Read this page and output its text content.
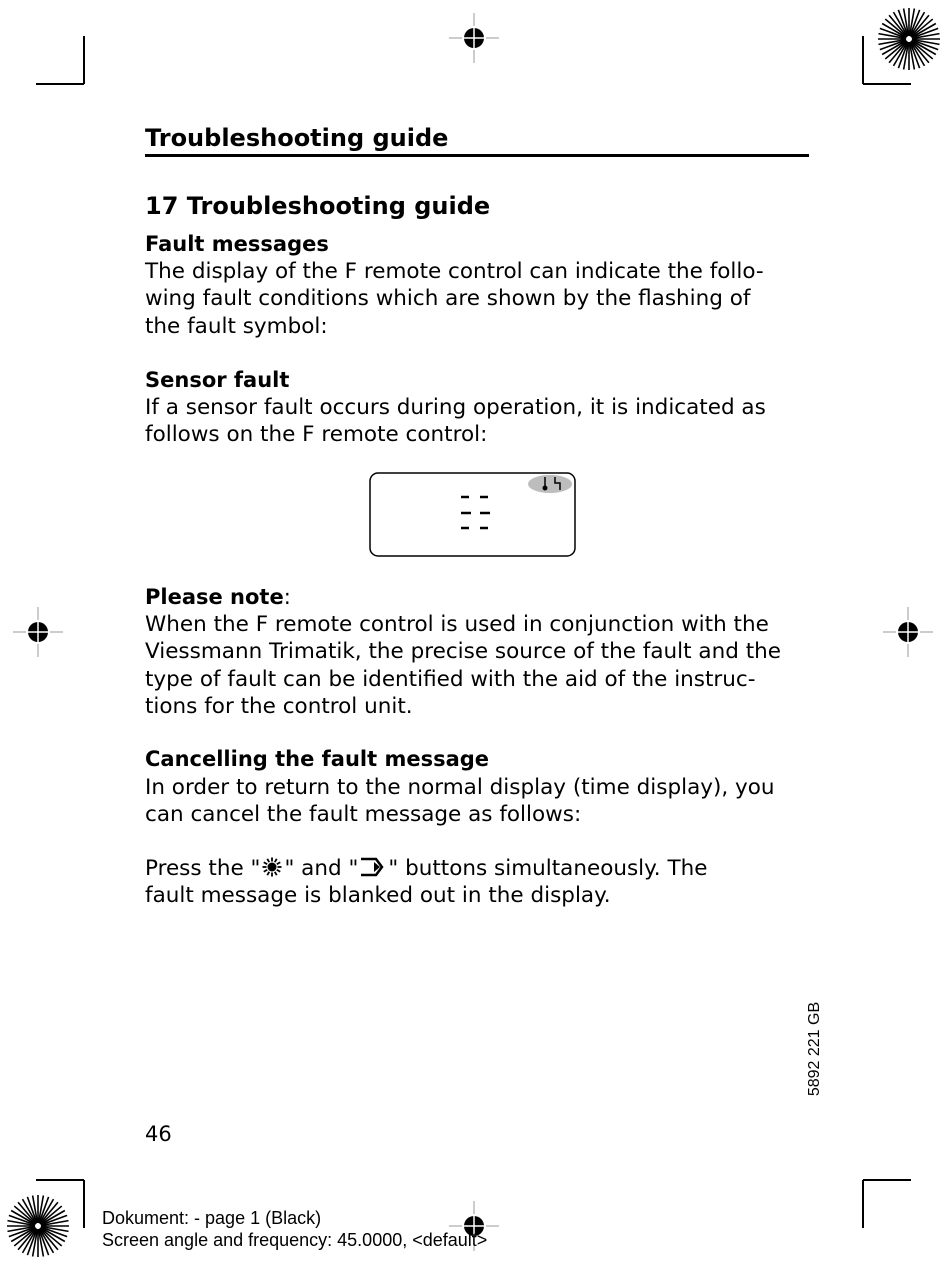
Troubleshooting guide
17 Troubleshooting guide
Fault messages
The display of the F remote control can indicate the follo-
wing fault conditions which are shown by the flashing of
the fault symbol:
Sensor fault
If a sensor fault occurs during operation, it is indicated as
follows on the F remote control:
Please note:
When the F remote control is used in conjunction with the
Viessmann Trimatik, the precise source of the fault and the
type of fault can be identified with the aid of the instruc-
tions for the control unit.
Cancelling the fault message
In order to return to the normal display (time display), you
can cancel the fault message as follows:
Press the " " and " " buttons simultaneously. The
fault message is blanked out in the display.
5892 221 GB
46
Dokument: - page 1 (Black)
Screen angle and frequency: 45.0000, <default>
